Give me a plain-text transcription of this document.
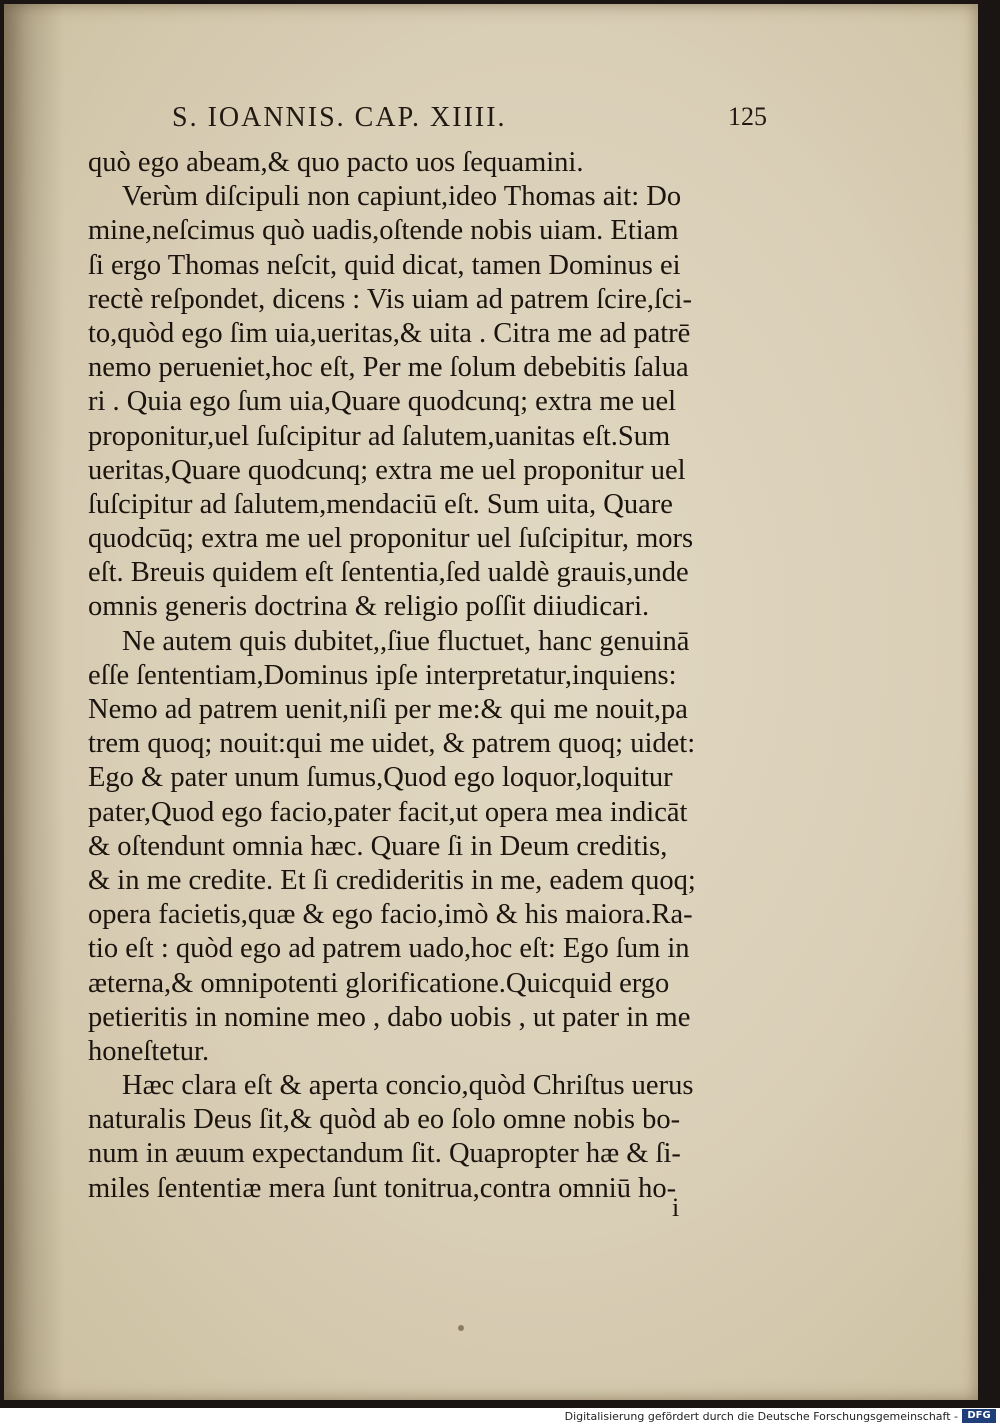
S. IOANNIS. CAP. XIIII.	125
quò ego abeam,& quo pacto uos ſequamini.
Verùm diſcipuli non capiunt,ideo Thomas ait: Do
mine,neſcimus quò uadis,oſtende nobis uiam. Etiam
ſi ergo Thomas neſcit, quid dicat, tamen Dominus ei
rectè reſpondet, dicens : Vis uiam ad patrem ſcire,ſci-
to,quòd ego ſim uia,ueritas,& uita . Citra me ad patrē
nemo perueniet,hoc eſt, Per me ſolum debebitis ſalua
ri . Quia ego ſum uia,Quare quodcunq; extra me uel
proponitur,uel ſuſcipitur ad ſalutem,uanitas eſt.Sum
ueritas,Quare quodcunq; extra me uel proponitur uel
ſuſcipitur ad ſalutem,mendaciū eſt. Sum uita, Quare
quodcūq; extra me uel proponitur uel ſuſcipitur, mors
eſt. Breuis quidem eſt ſententia,ſed ualdè grauis,unde
omnis generis doctrina & religio poſſit diiudicari.
Ne autem quis dubitet,,ſiue fluctuet, hanc genuinā
eſſe ſententiam,Dominus ipſe interpretatur,inquiens:
Nemo ad patrem uenit,niſi per me:& qui me nouit,pa
trem quoq; nouit:qui me uidet, & patrem quoq; uidet:
Ego & pater unum ſumus,Quod ego loquor,loquitur
pater,Quod ego facio,pater facit,ut opera mea indicāt
& oſtendunt omnia hæc. Quare ſi in Deum creditis,
& in me credite. Et ſi credideritis in me, eadem quoq;
opera facietis,quæ & ego facio,imò & his maiora.Ra-
tio eſt : quòd ego ad patrem uado,hoc eſt: Ego ſum in
æterna,& omnipotenti glorificatione.Quicquid ergo
petieritis in nomine meo , dabo uobis , ut pater in me
honeſtetur.
Hæc clara eſt & aperta concio,quòd Chriſtus uerus
naturalis Deus ſit,& quòd ab eo ſolo omne nobis bo-
num in æuum expectandum ſit. Quapropter hæ & ſi-
miles ſententiæ mera ſunt tonitrua,contra omniū ho-
i
Digitalisierung gefördert durch die Deutsche Forschungsgemeinschaft - DFG
